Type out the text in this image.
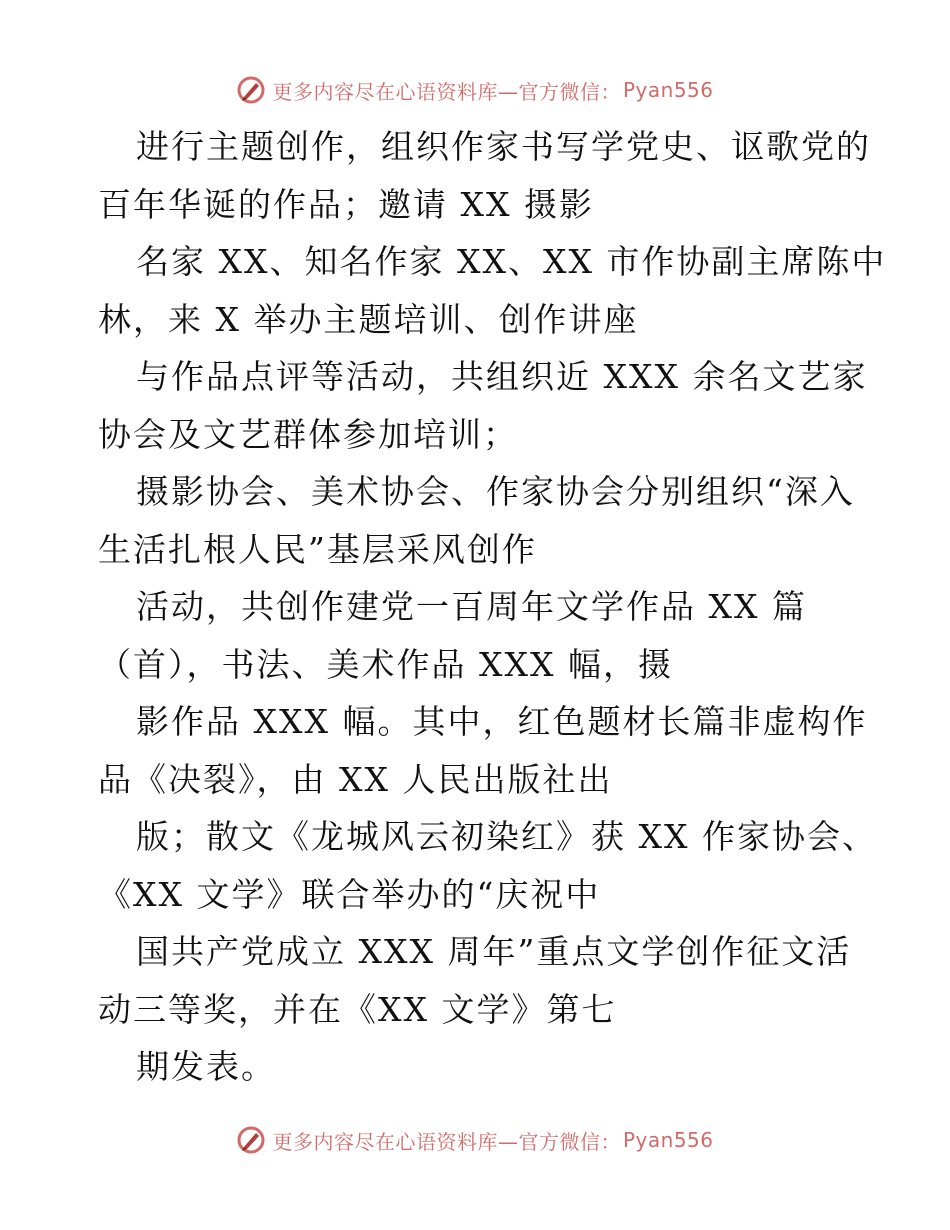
更多内容尽在心语资料库—官方微信： Pyan556
进行主题创作，组织作家书写学党史、讴歌党的
百年华诞的作品；邀请 XX 摄影
名家 XX、知名作家 XX、XX 市作协副主席陈中
林，来 X 举办主题培训、创作讲座
与作品点评等活动，共组织近 XXX 余名文艺家
协会及文艺群体参加培训；
摄影协会、美术协会、作家协会分别组织“深入
生活扎根人民”基层采风创作
活动，共创作建党一百周年文学作品 XX 篇
（首），书法、美术作品 XXX 幅，摄
影作品 XXX 幅。其中，红色题材长篇非虚构作
品《决裂》，由 XX 人民出版社出
版；散文《龙城风云初染红》获 XX 作家协会、
《XX 文学》联合举办的“庆祝中
国共产党成立 XXX 周年”重点文学创作征文活
动三等奖，并在《XX 文学》第七
期发表。
更多内容尽在心语资料库—官方微信： Pyan556
